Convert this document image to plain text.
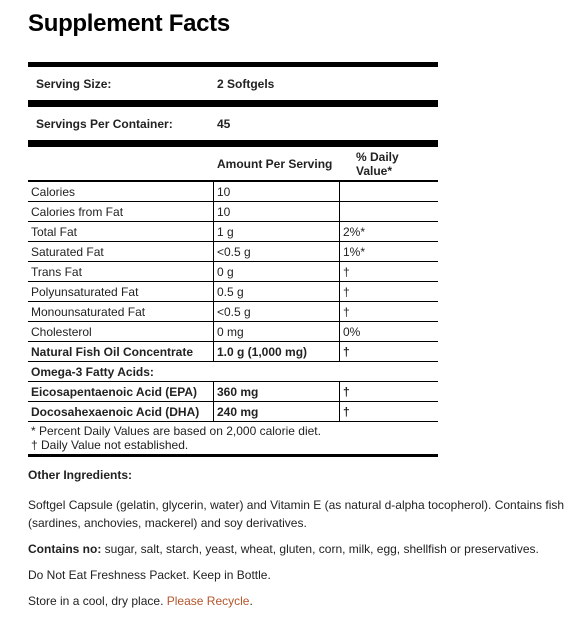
Supplement Facts
Serving Size:	2 Softgels
Servings Per Container:	45
Amount Per Serving	% Daily Value*
Calories	10
Calories from Fat	10
Total Fat	1 g	2%*
Saturated Fat	<0.5 g	1%*
Trans Fat	0 g	†
Polyunsaturated Fat	0.5 g	†
Monounsaturated Fat	<0.5 g	†
Cholesterol	0 mg	0%
Natural Fish Oil Concentrate	1.0 g (1,000 mg)	†
Omega-3 Fatty Acids:
Eicosapentaenoic Acid (EPA)	360 mg	†
Docosahexaenoic Acid (DHA)	240 mg	†
* Percent Daily Values are based on 2,000 calorie diet.
† Daily Value not established.

Other Ingredients:

Softgel Capsule (gelatin, glycerin, water) and Vitamin E (as natural d-alpha tocopherol). Contains fish (sardines, anchovies, mackerel) and soy derivatives.

Contains no: sugar, salt, starch, yeast, wheat, gluten, corn, milk, egg, shellfish or preservatives.

Do Not Eat Freshness Packet. Keep in Bottle.

Store in a cool, dry place. Please Recycle.
